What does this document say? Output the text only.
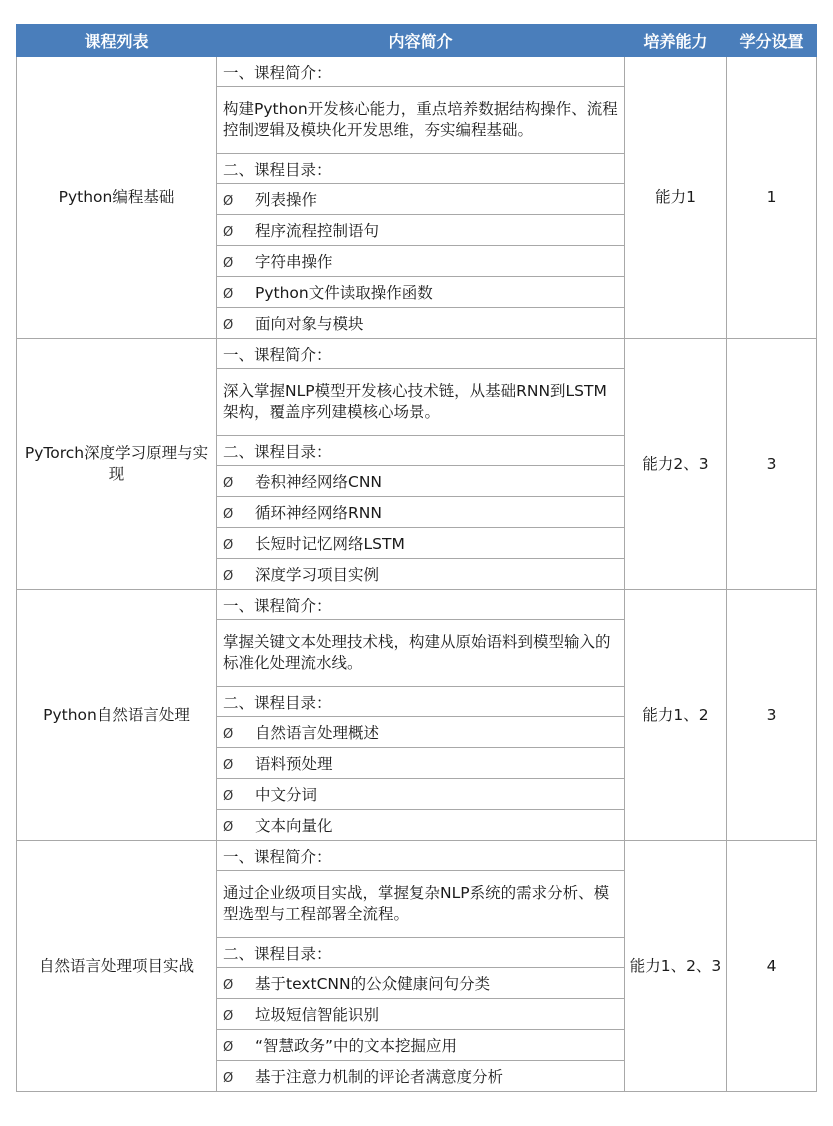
课程列表	内容简介	培养能力	学分设置
Python编程基础	一、课程简介：	能力1	1
	构建Python开发核心能力，重点培养数据结构操作、流程控制逻辑及模块化开发思维，夯实编程基础。		
	二、课程目录：		
	Ø 列表操作		
	Ø 程序流程控制语句		
	Ø 字符串操作		
	Ø Python文件读取操作函数		
	Ø 面向对象与模块		
PyTorch深度学习原理与实现	一、课程简介：	能力2、3	3
	深入掌握NLP模型开发核心技术链，从基础RNN到LSTM架构，覆盖序列建模核心场景。		
	二、课程目录：		
	Ø 卷积神经网络CNN		
	Ø 循环神经网络RNN		
	Ø 长短时记忆网络LSTM		
	Ø 深度学习项目实例		
Python自然语言处理	一、课程简介：	能力1、2	3
	掌握关键文本处理技术栈，构建从原始语料到模型输入的标准化处理流水线。		
	二、课程目录：		
	Ø 自然语言处理概述		
	Ø 语料预处理		
	Ø 中文分词		
	Ø 文本向量化		
自然语言处理项目实战	一、课程简介：	能力1、2、3	4
	通过企业级项目实战，掌握复杂NLP系统的需求分析、模型选型与工程部署全流程。		
	二、课程目录：		
	Ø 基于textCNN的公众健康问句分类		
	Ø 垃圾短信智能识别		
	Ø “智慧政务”中的文本挖掘应用		
	Ø 基于注意力机制的评论者满意度分析		
